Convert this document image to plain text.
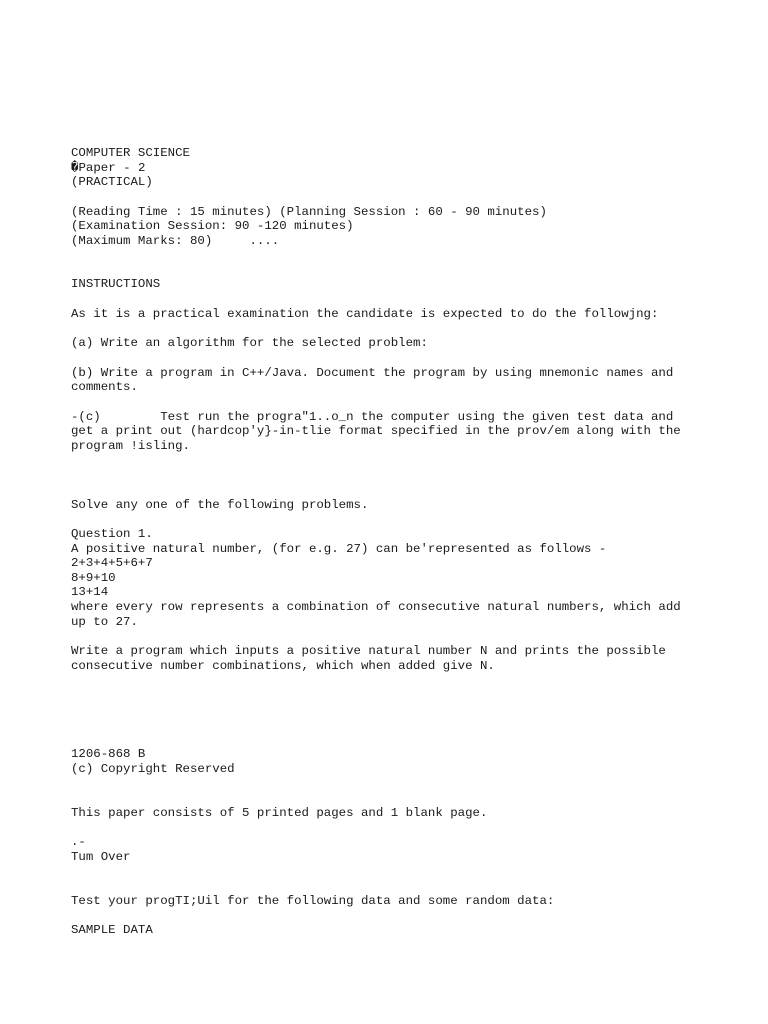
COMPUTER SCIENCE

�Paper - 2

(PRACTICAL)

(Reading Time : 15 minutes) (Planning Session : 60 - 90 minutes)

(Examination Session: 90 -120 minutes)

(Maximum Marks: 80)     ....

INSTRUCTIONS

As it is a practical examination the candidate is expected to do the followjng:

(a) Write an algorithm for the selected problem:

(b) Write a program in C++/Java. Document the program by using mnemonic names and

comments.

-(c)        Test run the progra"1..o_n the computer using the given test data and

get a print out (hardcop'y}-in-tlie format specified in the prov/em along with the

program !isling.

Solve any one of the following problems.

Question 1.

A positive natural number, (for e.g. 27) can be'represented as follows -

2+3+4+5+6+7

8+9+10

13+14

where every row represents a combination of consecutive natural numbers, which add

up to 27.

Write a program which inputs a positive natural number N and prints the possible

consecutive number combinations, which when added give N.

1206-868 B

(c) Copyright Reserved

This paper consists of 5 printed pages and 1 blank page.

.-

Tum Over

Test your progTI;Uil for the following data and some random data:

SAMPLE DATA
